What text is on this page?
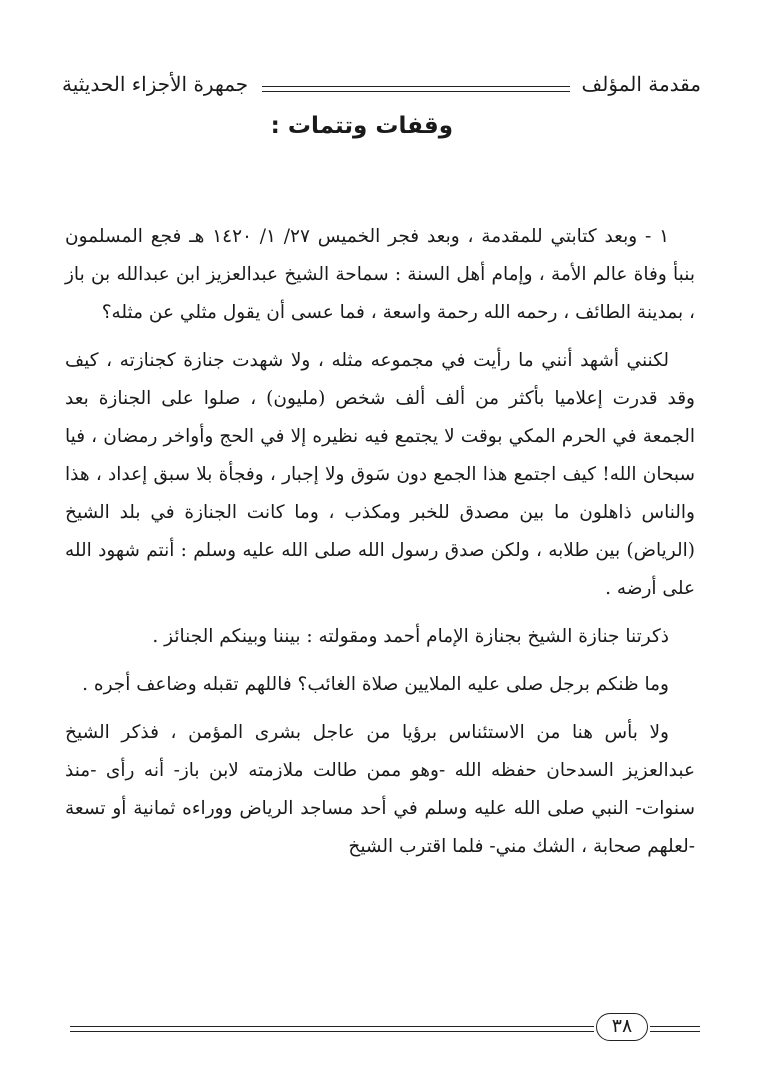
مقدمة المؤلف
جمهرة الأجزاء الحديثية
وقفات وتتمات :

١ - وبعد كتابتي للمقدمة ، وبعد فجر الخميس ٢٧/ ١/ ١٤٢٠ هـ فجع المسلمون بنبأ وفاة عالم الأمة ، وإمام أهل السنة : سماحة الشيخ عبدالعزيز ابن عبدالله بن باز ، بمدينة الطائف ، رحمه الله رحمة واسعة ، فما عسى أن يقول مثلي عن مثله؟

لكنني أشهد أنني ما رأيت في مجموعه مثله ، ولا شهدت جنازة كجنازته ، كيف وقد قدرت إعلاميا بأكثر من ألف ألف شخص (مليون) ، صلوا على الجنازة بعد الجمعة في الحرم المكي بوقت لا يجتمع فيه نظيره إلا في الحج وأواخر رمضان ، فيا سبحان الله! كيف اجتمع هذا الجمع دون سَوق ولا إجبار ، وفجأة بلا سبق إعداد ، هذا والناس ذاهلون ما بين مصدق للخبر ومكذب ، وما كانت الجنازة في بلد الشيخ (الرياض) بين طلابه ، ولكن صدق رسول الله صلى الله عليه وسلم : أنتم شهود الله على أرضه .

ذكرتنا جنازة الشيخ بجنازة الإمام أحمد ومقولته : بيننا وبينكم الجنائز .

وما ظنكم برجل صلى عليه الملايين صلاة الغائب؟ فاللهم تقبله وضاعف أجره .

ولا بأس هنا من الاستئناس برؤيا من عاجل بشرى المؤمن ، فذكر الشيخ عبدالعزيز السدحان حفظه الله -وهو ممن طالت ملازمته لابن باز- أنه رأى -منذ سنوات- النبي صلى الله عليه وسلم في أحد مساجد الرياض ووراءه ثمانية أو تسعة -لعلهم صحابة ، الشك مني- فلما اقترب الشيخ

٣٨
